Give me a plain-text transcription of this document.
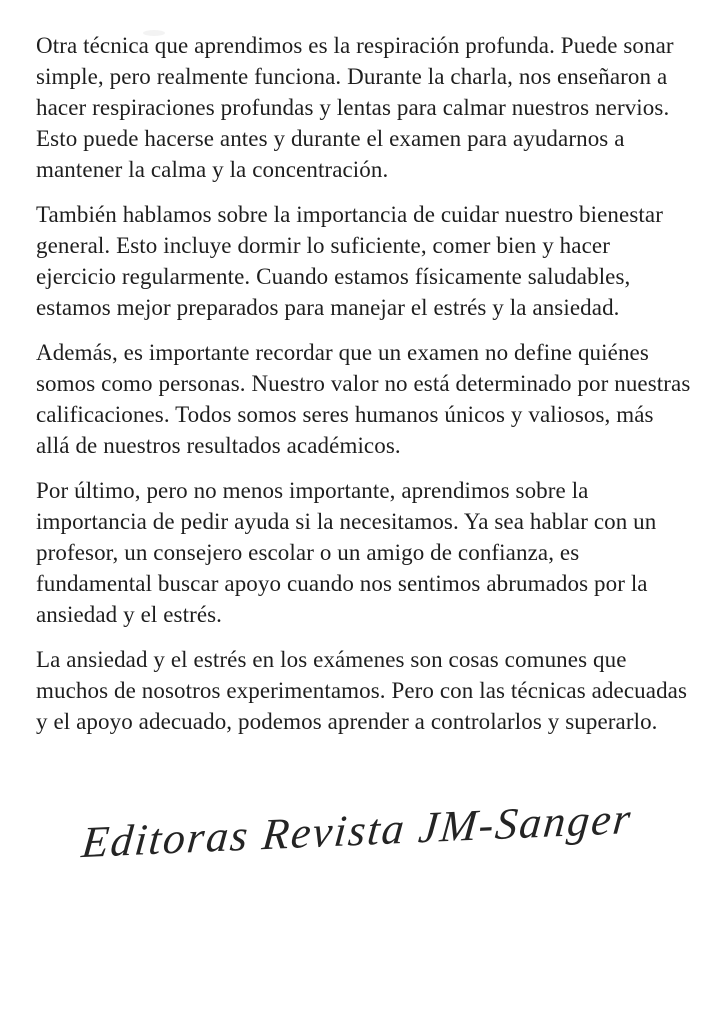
Otra técnica que aprendimos es la respiración profunda. Puede sonar simple, pero realmente funciona. Durante la charla, nos enseñaron a hacer respiraciones profundas y lentas para calmar nuestros nervios. Esto puede hacerse antes y durante el examen para ayudarnos a mantener la calma y la concentración.

También hablamos sobre la importancia de cuidar nuestro bienestar general. Esto incluye dormir lo suficiente, comer bien y hacer ejercicio regularmente. Cuando estamos físicamente saludables, estamos mejor preparados para manejar el estrés y la ansiedad.

Además, es importante recordar que un examen no define quiénes somos como personas. Nuestro valor no está determinado por nuestras calificaciones. Todos somos seres humanos únicos y valiosos, más allá de nuestros resultados académicos.

Por último, pero no menos importante, aprendimos sobre la importancia de pedir ayuda si la necesitamos. Ya sea hablar con un profesor, un consejero escolar o un amigo de confianza, es fundamental buscar apoyo cuando nos sentimos abrumados por la ansiedad y el estrés.

La ansiedad y el estrés en los exámenes son cosas comunes que muchos de nosotros experimentamos. Pero con las técnicas adecuadas y el apoyo adecuado, podemos aprender a controlarlos y superarlo.

Editoras Revista JM-Sanger
